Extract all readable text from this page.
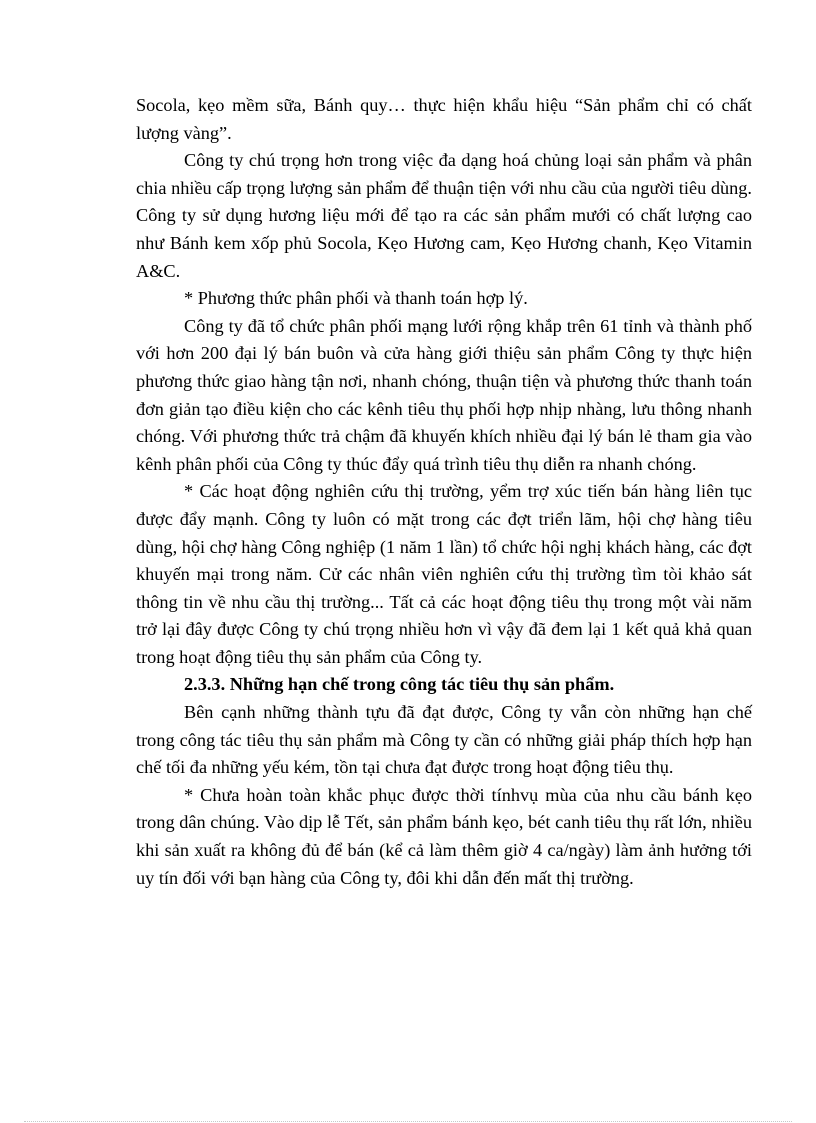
Socola, kẹo mềm sữa, Bánh quy… thực hiện khẩu hiệu “Sản phẩm chỉ có chất lượng vàng”.

Công ty chú trọng hơn trong việc đa dạng hoá chủng loại sản phẩm và phân chia nhiều cấp trọng lượng sản phẩm để thuận tiện với nhu cầu của người tiêu dùng. Công ty sử dụng hương liệu mới để tạo ra các sản phẩm mưới có chất lượng cao như Bánh kem xốp phủ Socola, Kẹo Hương cam, Kẹo Hương chanh, Kẹo Vitamin A&C.

* Phương thức phân phối và thanh toán hợp lý.

Công ty đã tổ chức phân phối mạng lưới rộng khắp trên 61 tỉnh và thành phố với hơn 200 đại lý bán buôn và cửa hàng giới thiệu sản phẩm Công ty thực hiện phương thức giao hàng tận nơi, nhanh chóng, thuận tiện và phương thức thanh toán đơn giản tạo điều kiện cho các kênh tiêu thụ phối hợp nhịp nhàng, lưu thông nhanh chóng. Với phương thức trả chậm đã khuyến khích nhiều đại lý bán lẻ tham gia vào kênh phân phối của Công ty thúc đẩy quá trình tiêu thụ diễn ra nhanh chóng.

* Các hoạt động nghiên cứu thị trường, yểm trợ xúc tiến bán hàng liên tục được đẩy mạnh. Công ty luôn có mặt trong các đợt triển lãm, hội chợ hàng tiêu dùng, hội chợ hàng Công nghiệp (1 năm 1 lần) tổ chức hội nghị khách hàng, các đợt khuyến mại trong năm. Cử các nhân viên nghiên cứu thị trường tìm tòi khảo sát thông tin về nhu cầu thị trường... Tất cả các hoạt động tiêu thụ trong một vài năm trở lại đây được Công ty chú trọng nhiều hơn vì vậy đã đem lại 1 kết quả khả quan trong hoạt động tiêu thụ sản phẩm của Công ty.

2.3.3. Những hạn chế trong công tác tiêu thụ sản phẩm.

Bên cạnh những thành tựu đã đạt được, Công ty vẫn còn những hạn chế trong công tác tiêu thụ sản phẩm mà Công ty cần có những giải pháp thích hợp hạn chế tối đa những yếu kém, tồn tại chưa đạt được trong hoạt động tiêu thụ.

* Chưa hoàn toàn khắc phục được thời tínhvụ mùa của nhu cầu bánh kẹo trong dân chúng. Vào dịp lễ Tết, sản phẩm bánh kẹo, bét canh tiêu thụ rất lớn, nhiều khi sản xuất ra không đủ để bán (kể cả làm thêm giờ 4 ca/ngày) làm ảnh hưởng tới uy tín đối với bạn hàng của Công ty, đôi khi dẫn đến mất thị trường.
